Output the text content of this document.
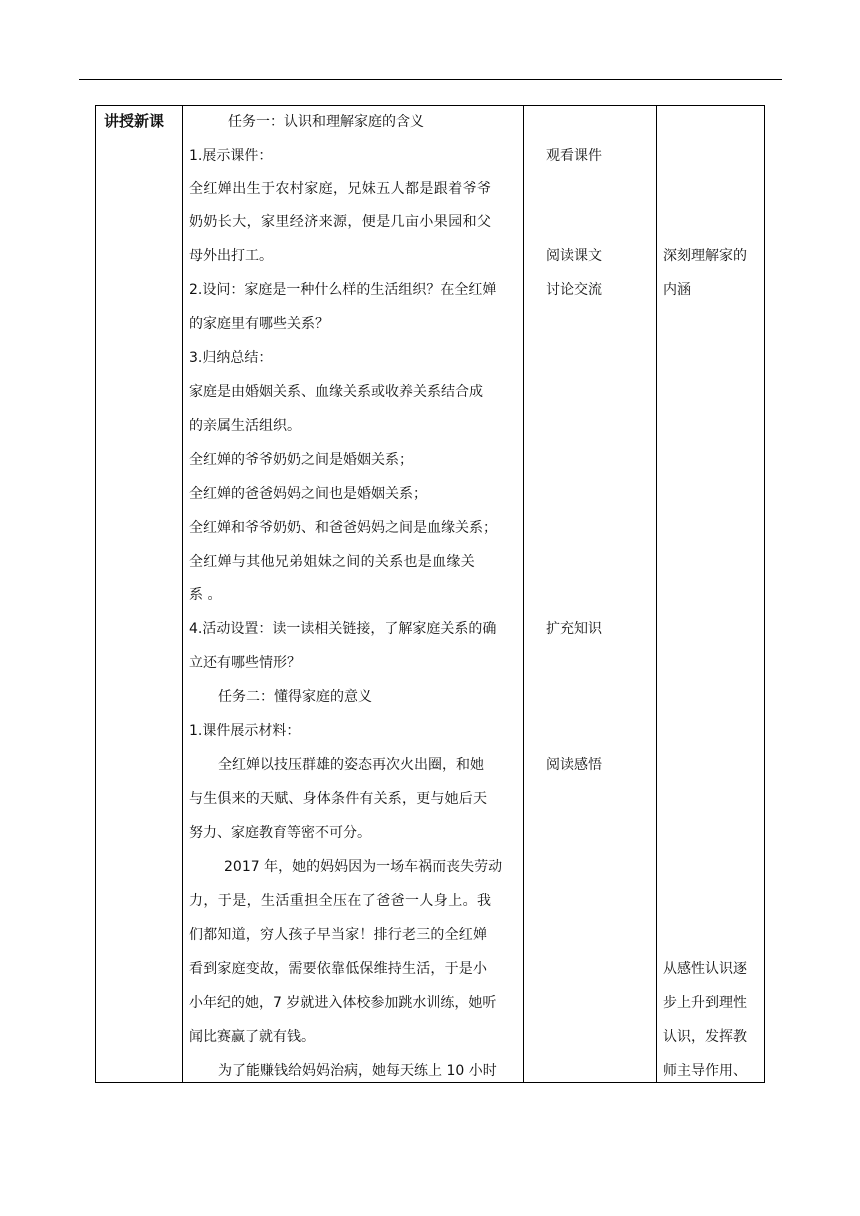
讲授新课	任务一：认识和理解家庭的含义
1.展示课件：
全红婵出生于农村家庭，兄妹五人都是跟着爷爷
奶奶长大，家里经济来源，便是几亩小果园和父
母外出打工。
2.设问：家庭是一种什么样的生活组织？在全红婵
的家庭里有哪些关系？
3.归纳总结：
家庭是由婚姻关系、血缘关系或收养关系结合成
的亲属生活组织。
全红婵的爷爷奶奶之间是婚姻关系；
全红婵的爸爸妈妈之间也是婚姻关系；
全红婵和爷爷奶奶、和爸爸妈妈之间是血缘关系；
全红婵与其他兄弟姐妹之间的关系也是血缘关
系 。
4.活动设置：读一读相关链接，了解家庭关系的确
立还有哪些情形？
任务二：懂得家庭的意义
1.课件展示材料：
全红婵以技压群雄的姿态再次火出圈，和她
与生俱来的天赋、身体条件有关系，更与她后天
努力、家庭教育等密不可分。
2017 年，她的妈妈因为一场车祸而丧失劳动
力，于是，生活重担全压在了爸爸一人身上。我
们都知道，穷人孩子早当家！排行老三的全红婵
看到家庭变故，需要依靠低保维持生活，于是小
小年纪的她，7 岁就进入体校参加跳水训练，她听
闻比赛赢了就有钱。
为了能赚钱给妈妈治病，她每天练上 10 小时
观看课件
阅读课文
讨论交流
扩充知识
阅读感悟
深刻理解家的
内涵
从感性认识逐
步上升到理性
认识，发挥教
师主导作用、
